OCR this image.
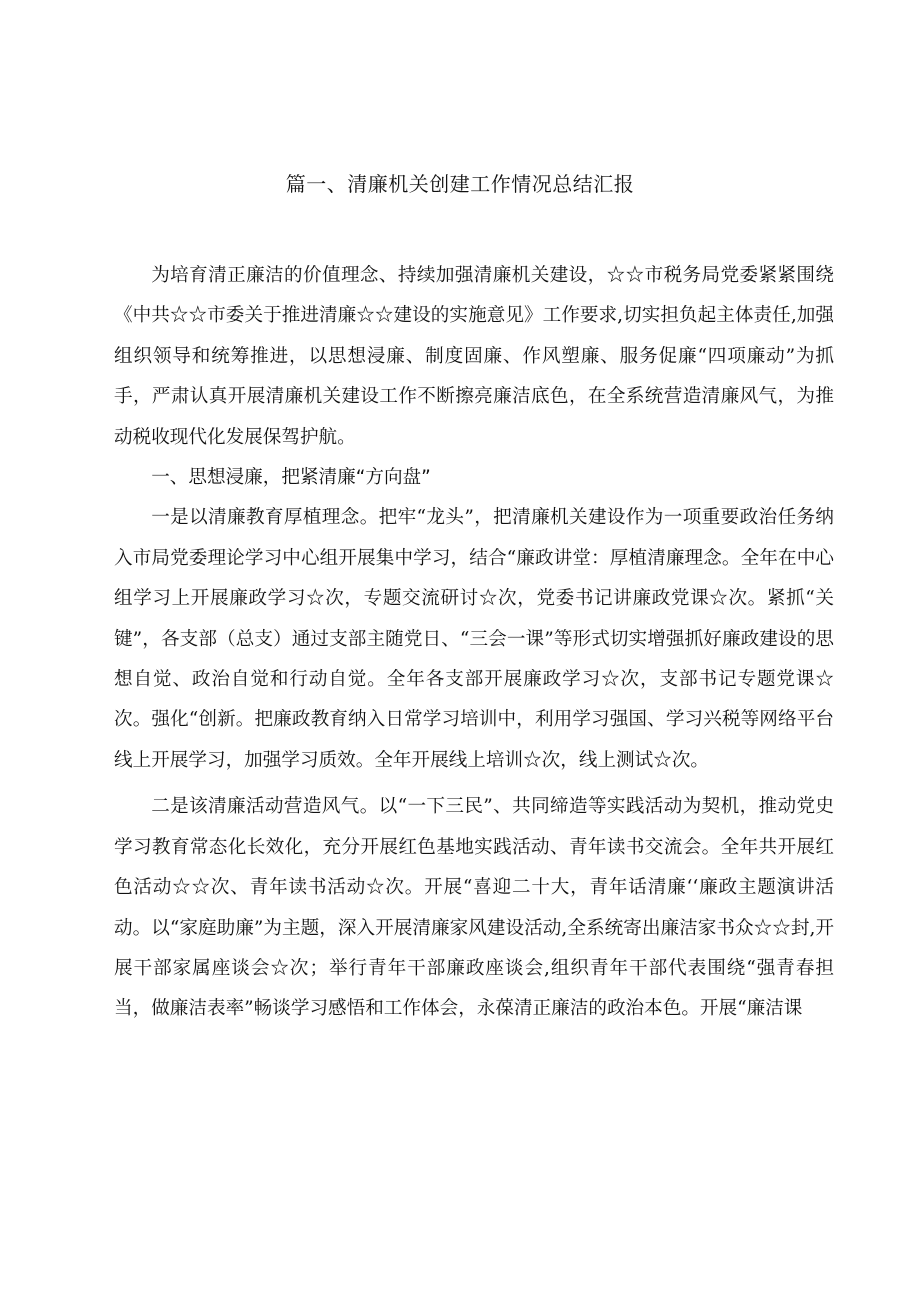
篇一、清廉机关创建工作情况总结汇报

为培育清正廉洁的价值理念、持续加强清廉机关建设，☆☆市税务局党委紧紧围绕《中共☆☆市委关于推进清廉☆☆建设的实施意见》工作要求,切实担负起主体责任,加强组织领导和统筹推进，以思想浸廉、制度固廉、作风塑廉、服务促廉“四项廉动”为抓手，严肃认真开展清廉机关建设工作不断擦亮廉洁底色，在全系统营造清廉风气，为推动税收现代化发展保驾护航。

一、思想浸廉，把紧清廉“方向盘”

一是以清廉教育厚植理念。把牢“龙头”，把清廉机关建设作为一项重要政治任务纳入市局党委理论学习中心组开展集中学习，结合“廉政讲堂：厚植清廉理念。全年在中心组学习上开展廉政学习☆次，专题交流研讨☆次，党委书记讲廉政党课☆次。紧抓“关键”，各支部（总支）通过支部主随党日、“三会一课”等形式切实增强抓好廉政建设的思想自觉、政治自觉和行动自觉。全年各支部开展廉政学习☆次，支部书记专题党课☆次。强化“创新。把廉政教育纳入日常学习培训中，利用学习强国、学习兴税等网络平台线上开展学习，加强学习质效。全年开展线上培训☆次，线上测试☆次。

二是该清廉活动营造风气。以“一下三民”、共同缔造等实践活动为契机，推动党史学习教育常态化长效化，充分开展红色基地实践活动、青年读书交流会。全年共开展红色活动☆☆次、青年读书活动☆次。开展“喜迎二十大，青年话清廉‘‘廉政主题演讲活动。以“家庭助廉”为主题，深入开展清廉家风建设活动,全系统寄出廉洁家书众☆☆封,开展干部家属座谈会☆次；举行青年干部廉政座谈会,组织青年干部代表围绕“强青春担当，做廉洁表率”畅谈学习感悟和工作体会，永葆清正廉洁的政治本色。开展“廉洁课
